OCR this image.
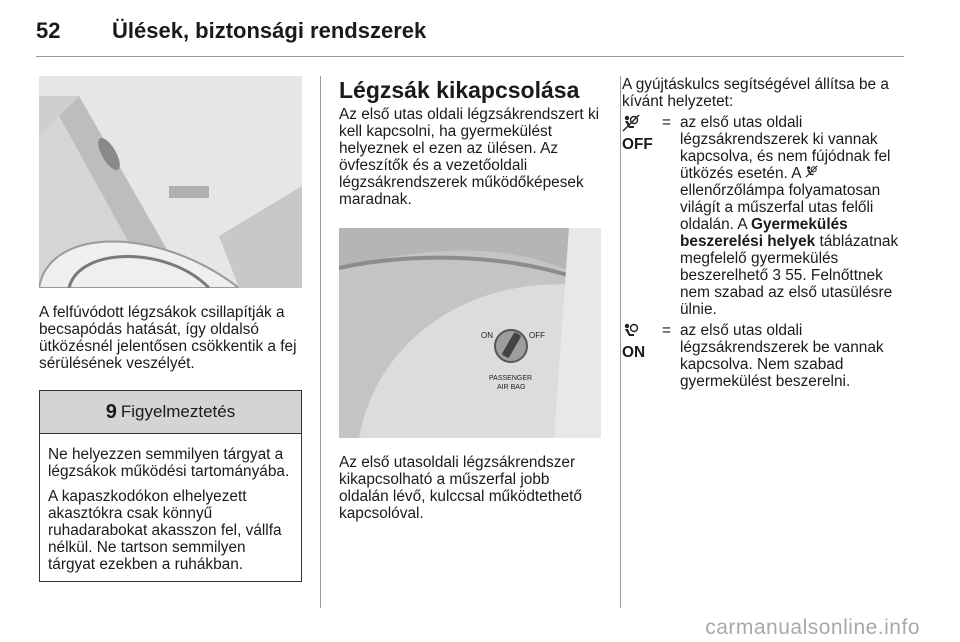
52 Ülések, biztonsági rendszerek

A felfúvódott légzsákok csillapítják a becsapódás hatását, így oldalsó ütközésnél jelentősen csökkentik a fej sérülésének veszélyét.

9 Figyelmeztetés

Ne helyezzen semmilyen tárgyat a légzsákok működési tartományába.

A kapaszkodókon elhelyezett akasztókra csak könnyű ruhadarabokat akasszon fel, vállfa nélkül. Ne tartson semmilyen tárgyat ezekben a ruhákban.

Légzsák kikapcsolása

Az első utas oldali légzsákrendszert ki kell kapcsolni, ha gyermekülést helyeznek el ezen az ülésen. Az övfeszítők és a vezetőoldali légzsákrendszerek működőképesek maradnak.

ON	OFF
PASSENGER
AIR BAG

Az első utasoldali légzsákrendszer kikapcsolható a műszerfal jobb oldalán lévő, kulccsal működtethető kapcsolóval.

A gyújtáskulcs segítségével állítsa be a kívánt helyzetet:

OFF
= az első utas oldali légzsákrendszerek ki vannak kapcsolva, és nem fújódnak fel ütközés esetén. A  ellenőrzőlámpa folyamatosan világít a műszerfal utas felőli oldalán. A Gyermekülés beszerelési helyek táblázatnak megfelelő gyermekülés beszerelhető 3 55. Felnőttnek nem szabad az első utasülésre ülnie.

ON
= az első utas oldali légzsákrendszerek be vannak kapcsolva. Nem szabad gyermekülést beszerelni.

carmanualsonline.info
